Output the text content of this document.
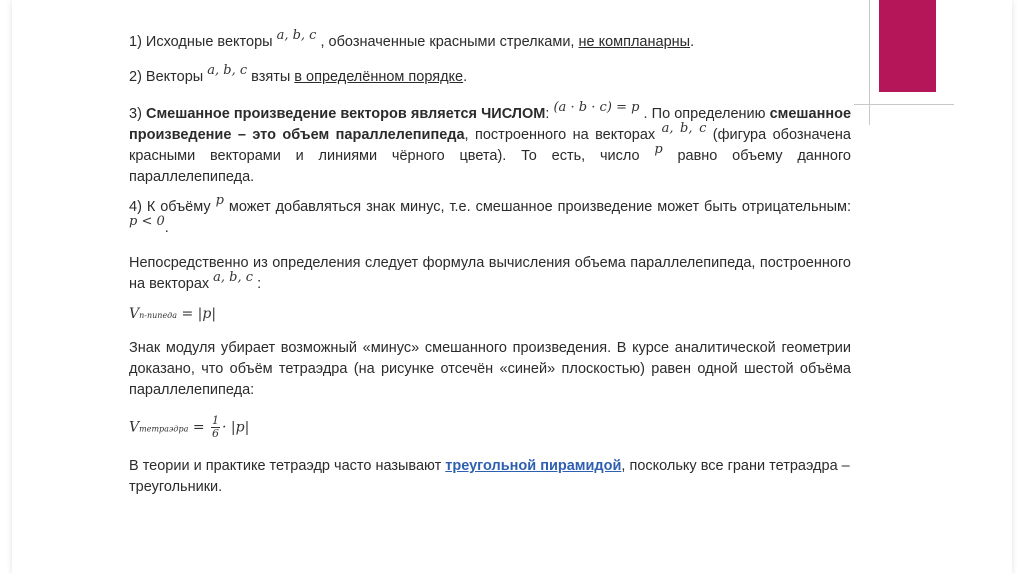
1) Исходные векторы a, b, c , обозначенные красными стрелками, не компланарны.

2) Векторы a, b, c взяты в определённом порядке.

3) Смешанное произведение векторов является ЧИСЛОМ: (a · b · c) = p . По определению смешанное произведение – это объем параллелепипеда, построенного на векторах a, b, c (фигура обозначена красными векторами и линиями чёрного цвета). То есть, число p равно объему данного параллелепипеда.

4) К объёму p может добавляться знак минус, т.е. смешанное произведение может быть отрицательным: p < 0.

Непосредственно из определения следует формула вычисления объема параллелепипеда, построенного на векторах a, b, c :

Vп-пипеда = |p|

Знак модуля убирает возможный «минус» смешанного произведения. В курсе аналитической геометрии доказано, что объём тетраэдра (на рисунке отсечён «синей» плоскостью) равен одной шестой объёма параллелепипеда:

Vтетраэдра = $\frac{1}{6} \cdot |p|$

В теории и практике тетраэдр часто называют треугольной пирамидой, поскольку все грани тетраэдра – треугольники.
